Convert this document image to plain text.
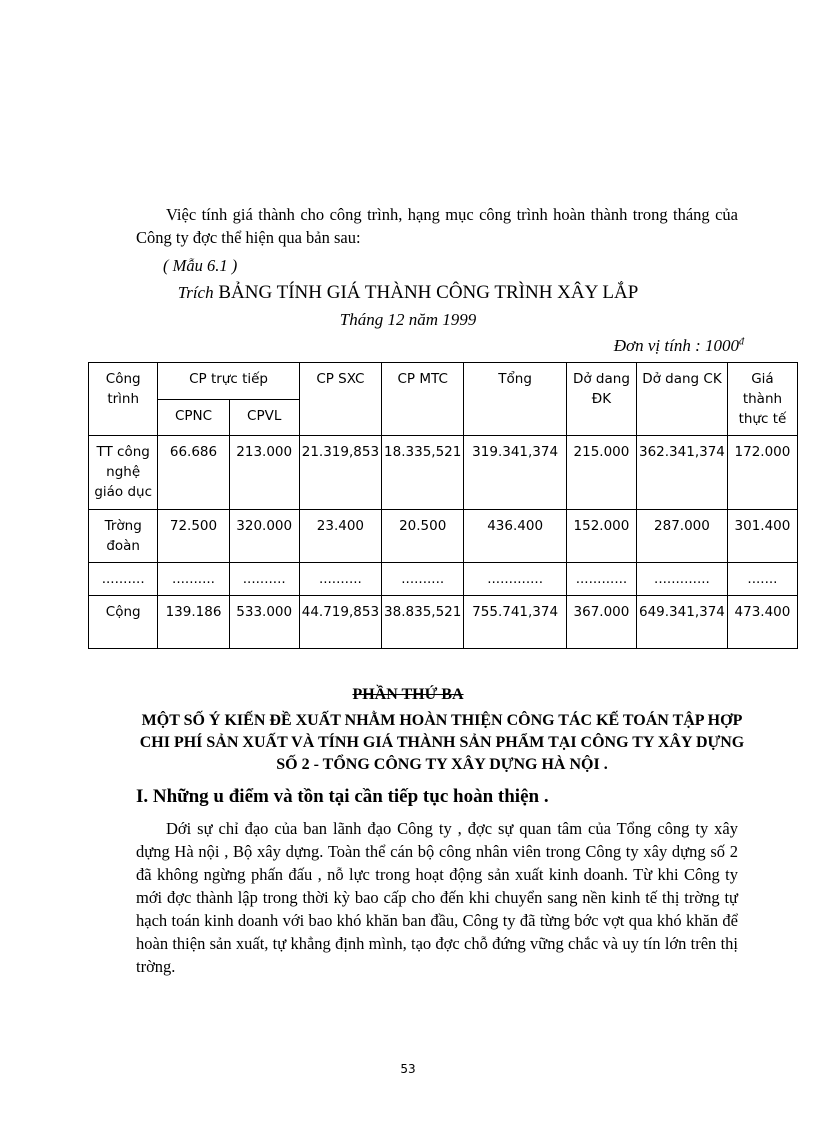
Việc tính giá thành cho công trình, hạng mục công trình hoàn thành trong tháng của Công ty đợc thể hiện qua bản sau:

( Mẫu 6.1 )
Trích BẢNG TÍNH GIÁ THÀNH CÔNG TRÌNH XÂY LẮP
Tháng 12 năm 1999
Đơn vị tính : $1000^đ$
Công trình	CP trực tiếp		CP SXC	CP MTC	Tổng	Dở dang ĐK	Dở dang CK	Giá thành thực tế
	CPNC	CPVL						
TT công nghệ giáo dục	66.686	213.000	21.319,853	18.335,521	319.341,374	215.000	362.341,374	172.000
Trờng đoàn	72.500	320.000	23.400	20.500	436.400	152.000	287.000	301.400
..........	..........	..........	..........	..........	.............	............	.............	.......
Cộng	139.186	533.000	44.719,853	38.835,521	755.741,374	367.000	649.341,374	473.400
PHẦN THỨ BA
MỘT SỐ Ý KIẾN ĐỀ XUẤT NHẰM HOÀN THIỆN CÔNG TÁC KẾ TOÁN TẬP HỢP CHI PHÍ SẢN XUẤT VÀ TÍNH GIÁ THÀNH SẢN PHẨM TẠI CÔNG TY XÂY DỰNG SỐ 2 - TỔNG CÔNG TY XÂY DỰNG HÀ NỘI .
I. Những u điểm và tồn tại cần tiếp tục hoàn thiện .

Dới sự chỉ đạo của ban lãnh đạo Công ty , đợc sự quan tâm của Tổng công ty xây dựng Hà nội , Bộ xây dựng. Toàn thể cán bộ công nhân viên trong Công ty xây dựng số 2 đã không ngừng phấn đấu , nỗ lực trong hoạt động sản xuất kinh doanh. Từ khi Công ty mới đợc thành lập trong thời kỳ bao cấp cho đến khi chuyển sang nền kinh tế thị trờng tự hạch toán kinh doanh với bao khó khăn ban đầu, Công ty đã từng bớc vợt qua khó khăn để hoàn thiện sản xuất, tự khẳng định mình, tạo đợc chỗ đứng vững chắc và uy tín lớn trên thị trờng.

53
